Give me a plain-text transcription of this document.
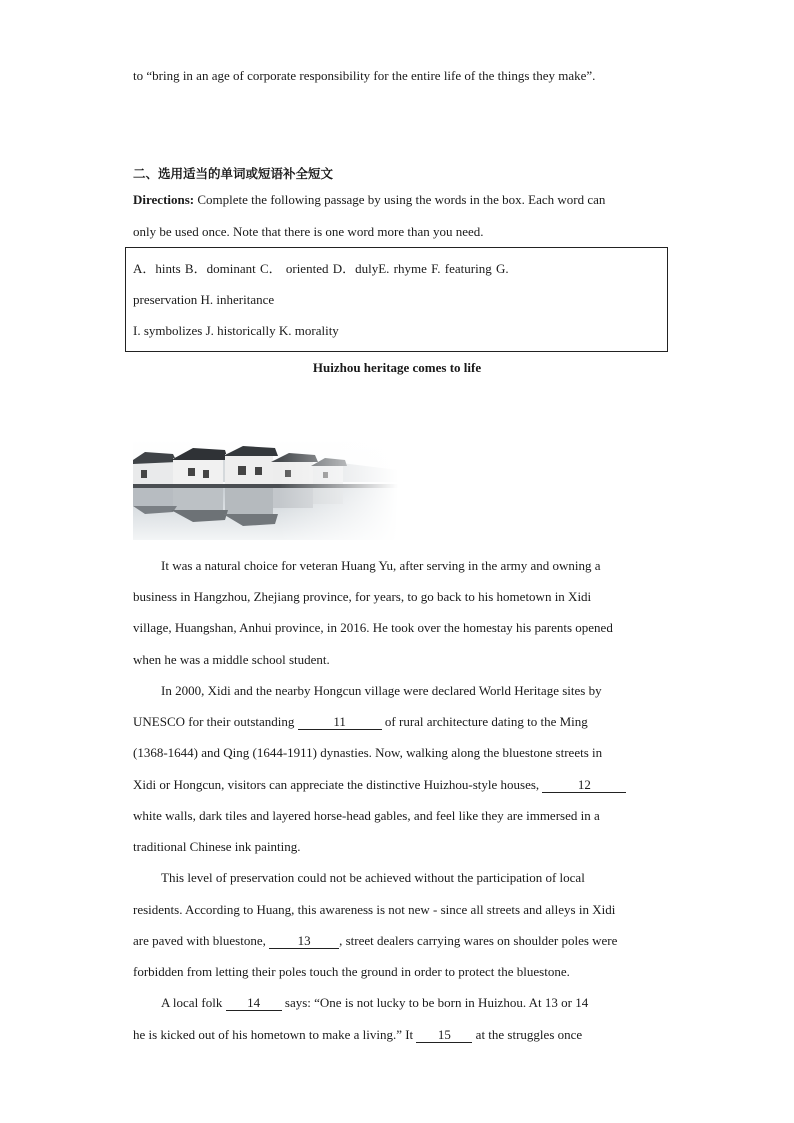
to “bring in an age of corporate responsibility for the entire life of the things they make”.
二、选用适当的单词或短语补全短文
Directions: Complete the following passage by using the words in the box. Each word can
only be used once. Note that there is one word more than you need.
A．hints B．dominant C． oriented D．dulyE. rhyme F. featuring G.
preservation H. inheritance
I. symbolizes J. historically K. morality
Huizhou heritage comes to life
It was a natural choice for veteran Huang Yu, after serving in the army and owning a
business in Hangzhou, Zhejiang province, for years, to go back to his hometown in Xidi
village, Huangshan, Anhui province, in 2016. He took over the homestay his parents opened
when he was a middle school student.
In 2000, Xidi and the nearby Hongcun village were declared World Heritage sites by
UNESCO for their outstanding	11	of rural architecture dating to the Ming
(1368-1644) and Qing (1644-1911) dynasties. Now, walking along the bluestone streets in
Xidi or Hongcun, visitors can appreciate the distinctive Huizhou-style houses,	12
white walls, dark tiles and layered horse-head gables, and feel like they are immersed in a
traditional Chinese ink painting.
This level of preservation could not be achieved without the participation of local
residents. According to Huang, this awareness is not new - since all streets and alleys in Xidi
are paved with bluestone, 13 , street dealers carrying wares on shoulder poles were
forbidden from letting their poles touch the ground in order to protect the bluestone.
A local folk 14 says: “One is not lucky to be born in Huizhou. At 13 or 14
he is kicked out of his hometown to make a living.” It 15 at the struggles once
